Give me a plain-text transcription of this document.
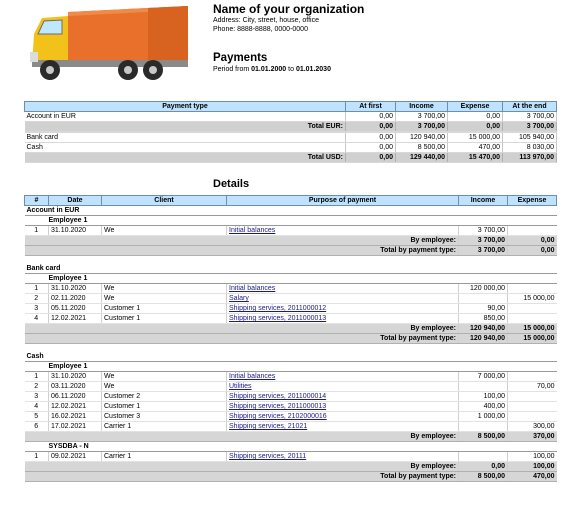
Name of your organization
Address: City, street, house, office
Phone: 8888-8888, 0000-0000
Payments
Period from 01.01.2000 to 01.01.2030
Payment type	At first	Income	Expense	At the end
Account in EUR	0,00	3 700,00	0,00	3 700,00
Total EUR:	0,00	3 700,00	0,00	3 700,00

Bank card	0,00	120 940,00	15 000,00	105 940,00
Cash	0,00	8 500,00	470,00	8 030,00
Total USD:	0,00	129 440,00	15 470,00	113 970,00
Details
#	Date	Client	Purpose of payment	Income	Expense
Account in EUR					
Employee 1					
1	31.10.2020	We	Initial balances	3 700,00	
By employee:				3 700,00	0,00
Total by payment type:				3 700,00	0,00

Bank card					
Employee 1					
1	31.10.2020	We	Initial balances	120 000,00	
2	02.11.2020	We	Salary		15 000,00
3	05.11.2020	Customer 1	Shipping services, 2011000012	90,00	
4	12.02.2021	Customer 1	Shipping services, 2011000013	850,00	
By employee:				120 940,00	15 000,00
Total by payment type:				120 940,00	15 000,00

Cash					
Employee 1					
1	31.10.2020	We	Initial balances	7 000,00	
2	03.11.2020	We	Utilities		70,00
3	06.11.2020	Customer 2	Shipping services, 2011000014	100,00	
4	12.02.2021	Customer 1	Shipping services, 2011000013	400,00	
5	16.02.2021	Customer 3	Shipping services, 2102000016	1 000,00	
6	17.02.2021	Carrier 1	Shipping services, 21021		300,00
By employee:				8 500,00	370,00
SYSDBA - N					
1	09.02.2021	Carrier 1	Shipping services, 20111		100,00
By employee:				0,00	100,00
Total by payment type:				8 500,00	470,00
